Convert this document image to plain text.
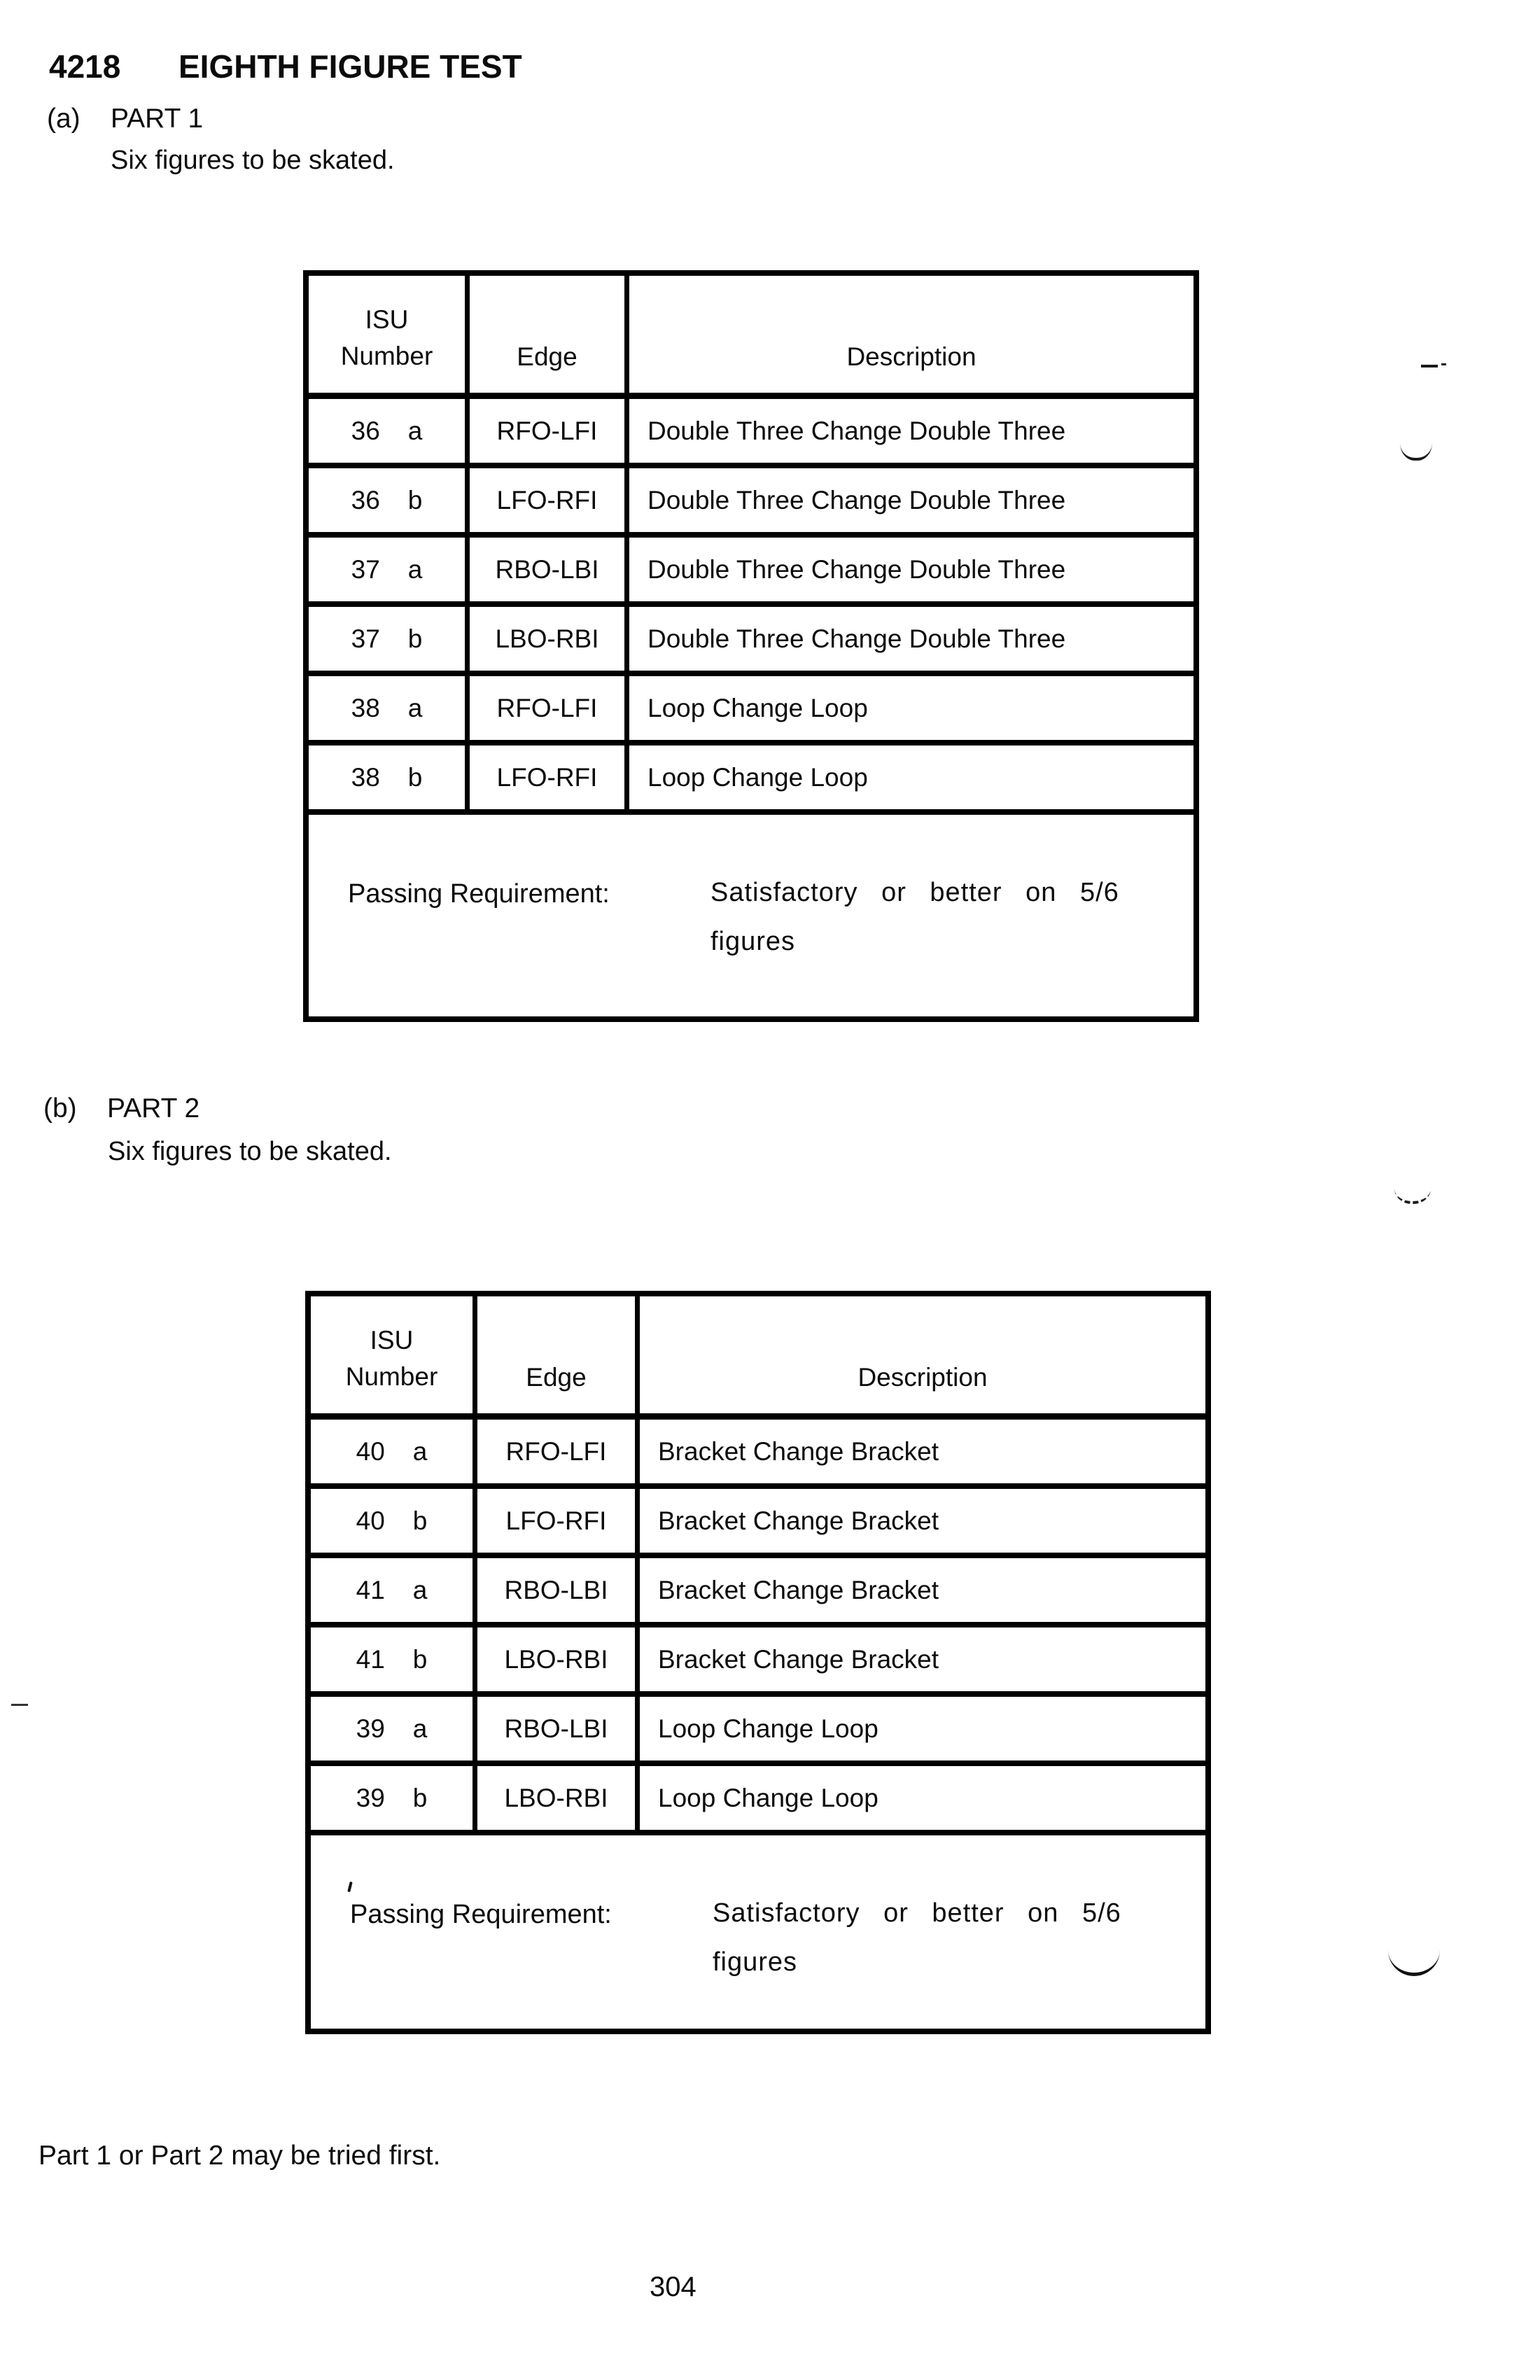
4218 EIGHTH FIGURE TEST
(a) PART 1
Six figures to be skated.
ISU
Number	Edge	Description
36 a	RFO-LFI	Double Three Change Double Three
36 b	LFO-RFI	Double Three Change Double Three
37 a	RBO-LBI	Double Three Change Double Three
37 b	LBO-RBI	Double Three Change Double Three
38 a	RFO-LFI	Loop Change Loop
38 b	LFO-RFI	Loop Change Loop
Passing Requirement:	Satisfactory or better on 5/6
figures
(b) PART 2
Six figures to be skated.
ISU
Number	Edge	Description
40 a	RFO-LFI	Bracket Change Bracket
40 b	LFO-RFI	Bracket Change Bracket
41 a	RBO-LBI	Bracket Change Bracket
41 b	LBO-RBI	Bracket Change Bracket
39 a	RBO-LBI	Loop Change Loop
39 b	LBO-RBI	Loop Change Loop
Passing Requirement:	Satisfactory or better on 5/6
figures
Part 1 or Part 2 may be tried first.
304
